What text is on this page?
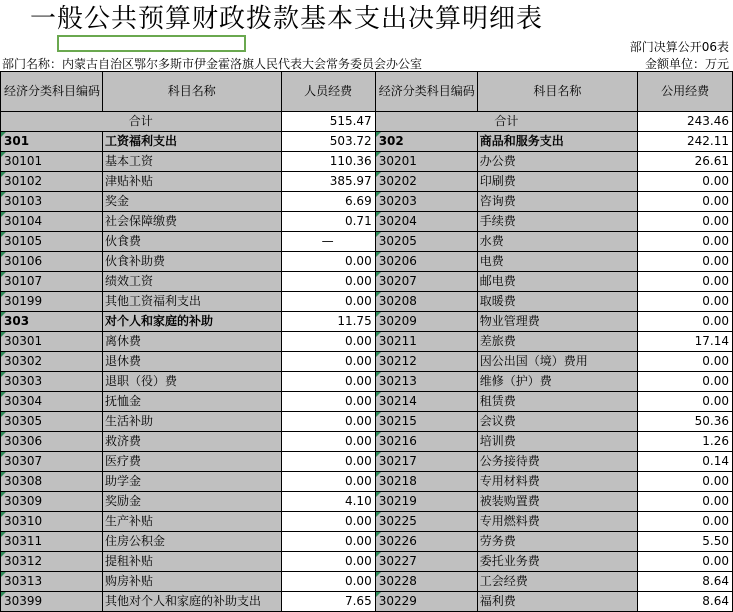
一般公共预算财政拨款基本支出决算明细表
部门决算公开06表
部门名称：内蒙古自治区鄂尔多斯市伊金霍洛旗人民代表大会常务委员会办公室	金额单位：万元
经济分类科目编码	科目名称	人员经费	经济分类科目编码	科目名称	公用经费
合计		515.47	合计		243.46
301	工资福利支出	503.72	302	商品和服务支出	242.11
30101	基本工资	110.36	30201	办公费	26.61
30102	津贴补贴	385.97	30202	印刷费	0.00
30103	奖金	6.69	30203	咨询费	0.00
30104	社会保障缴费	0.71	30204	手续费	0.00
30105	伙食费	—	30205	水费	0.00
30106	伙食补助费	0.00	30206	电费	0.00
30107	绩效工资	0.00	30207	邮电费	0.00
30199	其他工资福利支出	0.00	30208	取暖费	0.00
303	对个人和家庭的补助	11.75	30209	物业管理费	0.00
30301	离休费	0.00	30211	差旅费	17.14
30302	退休费	0.00	30212	因公出国（境）费用	0.00
30303	退职（役）费	0.00	30213	维修（护）费	0.00
30304	抚恤金	0.00	30214	租赁费	0.00
30305	生活补助	0.00	30215	会议费	50.36
30306	救济费	0.00	30216	培训费	1.26
30307	医疗费	0.00	30217	公务接待费	0.14
30308	助学金	0.00	30218	专用材料费	0.00
30309	奖励金	4.10	30219	被装购置费	0.00
30310	生产补贴	0.00	30225	专用燃料费	0.00
30311	住房公积金	0.00	30226	劳务费	5.50
30312	提租补贴	0.00	30227	委托业务费	0.00
30313	购房补贴	0.00	30228	工会经费	8.64
30399	其他对个人和家庭的补助支出	7.65	30229	福利费	8.64
